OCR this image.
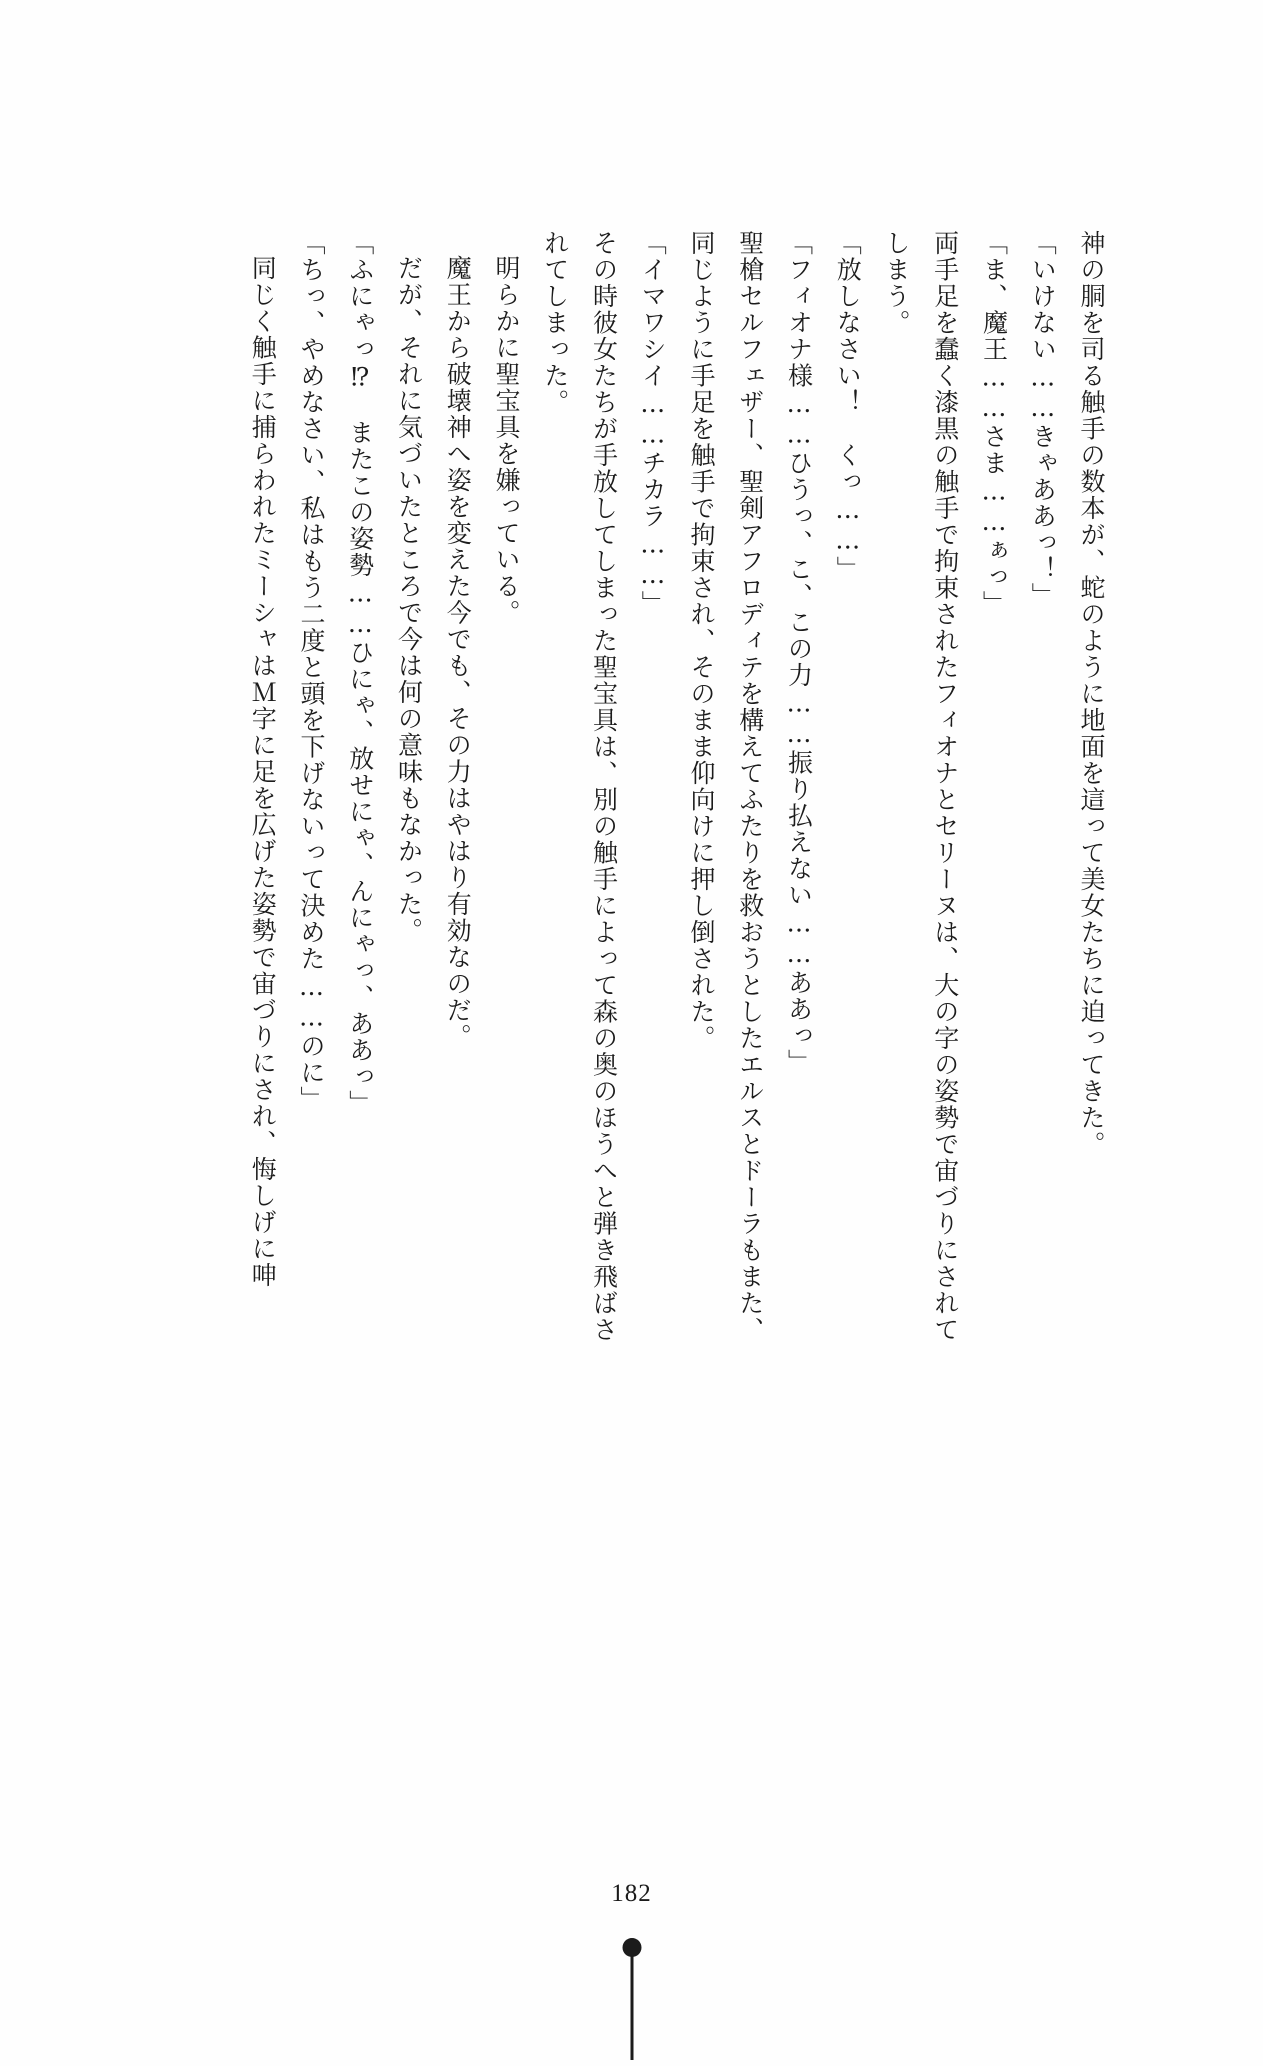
神の胴を司る触手の数本が、蛇のように地面を這って美女たちに迫ってきた。

「いけない……きゃああっ！」

「ま、魔王……さま……ぁっ」

両手足を蠢く漆黒の触手で拘束されたフィオナとセリーヌは、大の字の姿勢で宙づりにされてしまう。

「放しなさい！　くっ……」

「フィオナ様……ひうっ、こ、この力……振り払えない……ああっ」

聖槍セルフェザー、聖剣アフロディテを構えてふたりを救おうとしたエルスとドーラもまた、同じように手足を触手で拘束され、そのまま仰向けに押し倒された。

「イマワシイ……チカラ……」

その時彼女たちが手放してしまった聖宝具は、別の触手によって森の奥のほうへと弾き飛ばされてしまった。

明らかに聖宝具を嫌っている。

魔王から破壊神へ姿を変えた今でも、その力はやはり有効なのだ。

だが、それに気づいたところで今は何の意味もなかった。

「ふにゃっ⁉　またこの姿勢……ひにゃ、放せにゃ、んにゃっ、ああっ」

「ちっ、やめなさい、私はもう二度と頭を下げないって決めた……のに」

同じく触手に捕らわれたミーシャはＭ字に足を広げた姿勢で宙づりにされ、悔しげに呻

182
